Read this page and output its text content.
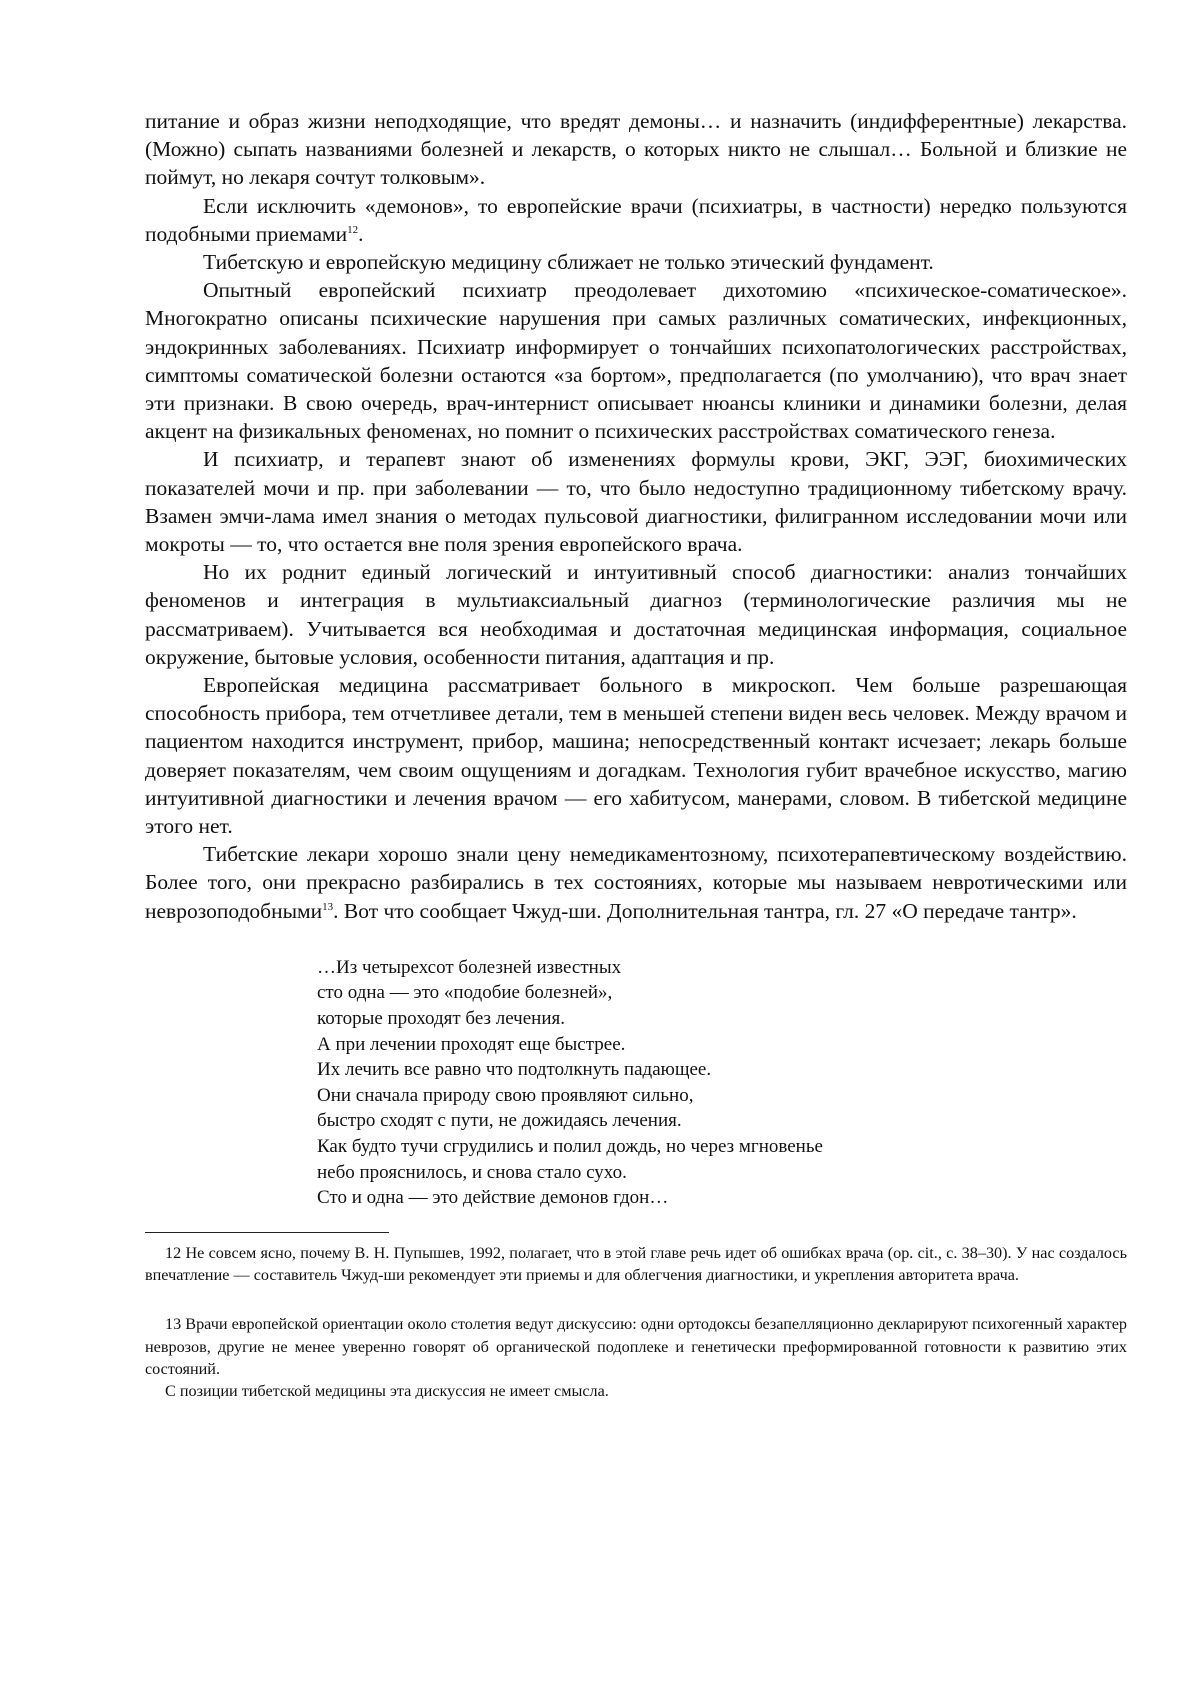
питание и образ жизни неподходящие, что вредят демоны… и назначить (индифферентные) лекарства. (Можно) сыпать названиями болезней и лекарств, о которых никто не слышал… Больной и близкие не поймут, но лекаря сочтут толковым».

Если исключить «демонов», то европейские врачи (психиатры, в частности) нередко пользуются подобными приемами$^{12}$.

Тибетскую и европейскую медицину сближает не только этический фундамент.

Опытный европейский психиатр преодолевает дихотомию «психическое-соматическое». Многократно описаны психические нарушения при самых различных соматических, инфекционных, эндокринных заболеваниях. Психиатр информирует о тончайших психопатологических расстройствах, симптомы соматической болезни остаются «за бортом», предполагается (по умолчанию), что врач знает эти признаки. В свою очередь, врач-интернист описывает нюансы клиники и динамики болезни, делая акцент на физикальных феноменах, но помнит о психических расстройствах соматического генеза.

И психиатр, и терапевт знают об изменениях формулы крови, ЭКГ, ЭЭГ, биохимических показателей мочи и пр. при заболевании — то, что было недоступно традиционному тибетскому врачу. Взамен эмчи-лама имел знания о методах пульсовой диагностики, филигранном исследовании мочи или мокроты — то, что остается вне поля зрения европейского врача.

Но их роднит единый логический и интуитивный способ диагностики: анализ тончайших феноменов и интеграция в мультиаксиальный диагноз (терминологические различия мы не рассматриваем). Учитывается вся необходимая и достаточная медицинская информация, социальное окружение, бытовые условия, особенности питания, адаптация и пр.

Европейская медицина рассматривает больного в микроскоп. Чем больше разрешающая способность прибора, тем отчетливее детали, тем в меньшей степени виден весь человек. Между врачом и пациентом находится инструмент, прибор, машина; непосредственный контакт исчезает; лекарь больше доверяет показателям, чем своим ощущениям и догадкам. Технология губит врачебное искусство, магию интуитивной диагностики и лечения врачом — его хабитусом, манерами, словом. В тибетской медицине этого нет.

Тибетские лекари хорошо знали цену немедикаментозному, психотерапевтическому воздействию. Более того, они прекрасно разбирались в тех состояниях, которые мы называем невротическими или неврозоподобными$^{13}$. Вот что сообщает Чжуд-ши. Дополнительная тантра, гл. 27 «О передаче тантр».

…Из четырехсот болезней известных
сто одна — это «подобие болезней»,
которые проходят без лечения.
А при лечении проходят еще быстрее.
Их лечить все равно что подтолкнуть падающее.
Они сначала природу свою проявляют сильно,
быстро сходят с пути, не дожидаясь лечения.
Как будто тучи сгрудились и полил дождь, но через мгновенье
небо прояснилось, и снова стало сухо.
Сто и одна — это действие демонов гдон…

12 Не совсем ясно, почему В. Н. Пупышев, 1992, полагает, что в этой главе речь идет об ошибках врача (op. cit., с. 38–30). У нас создалось впечатление — составитель Чжуд-ши рекомендует эти приемы и для облегчения диагностики, и укрепления авторитета врача.

13 Врачи европейской ориентации около столетия ведут дискуссию: одни ортодоксы безапелляционно декларируют психогенный характер неврозов, другие не менее уверенно говорят об органической подоплеке и генетически преформированной готовности к развитию этих состояний.

С позиции тибетской медицины эта дискуссия не имеет смысла.
